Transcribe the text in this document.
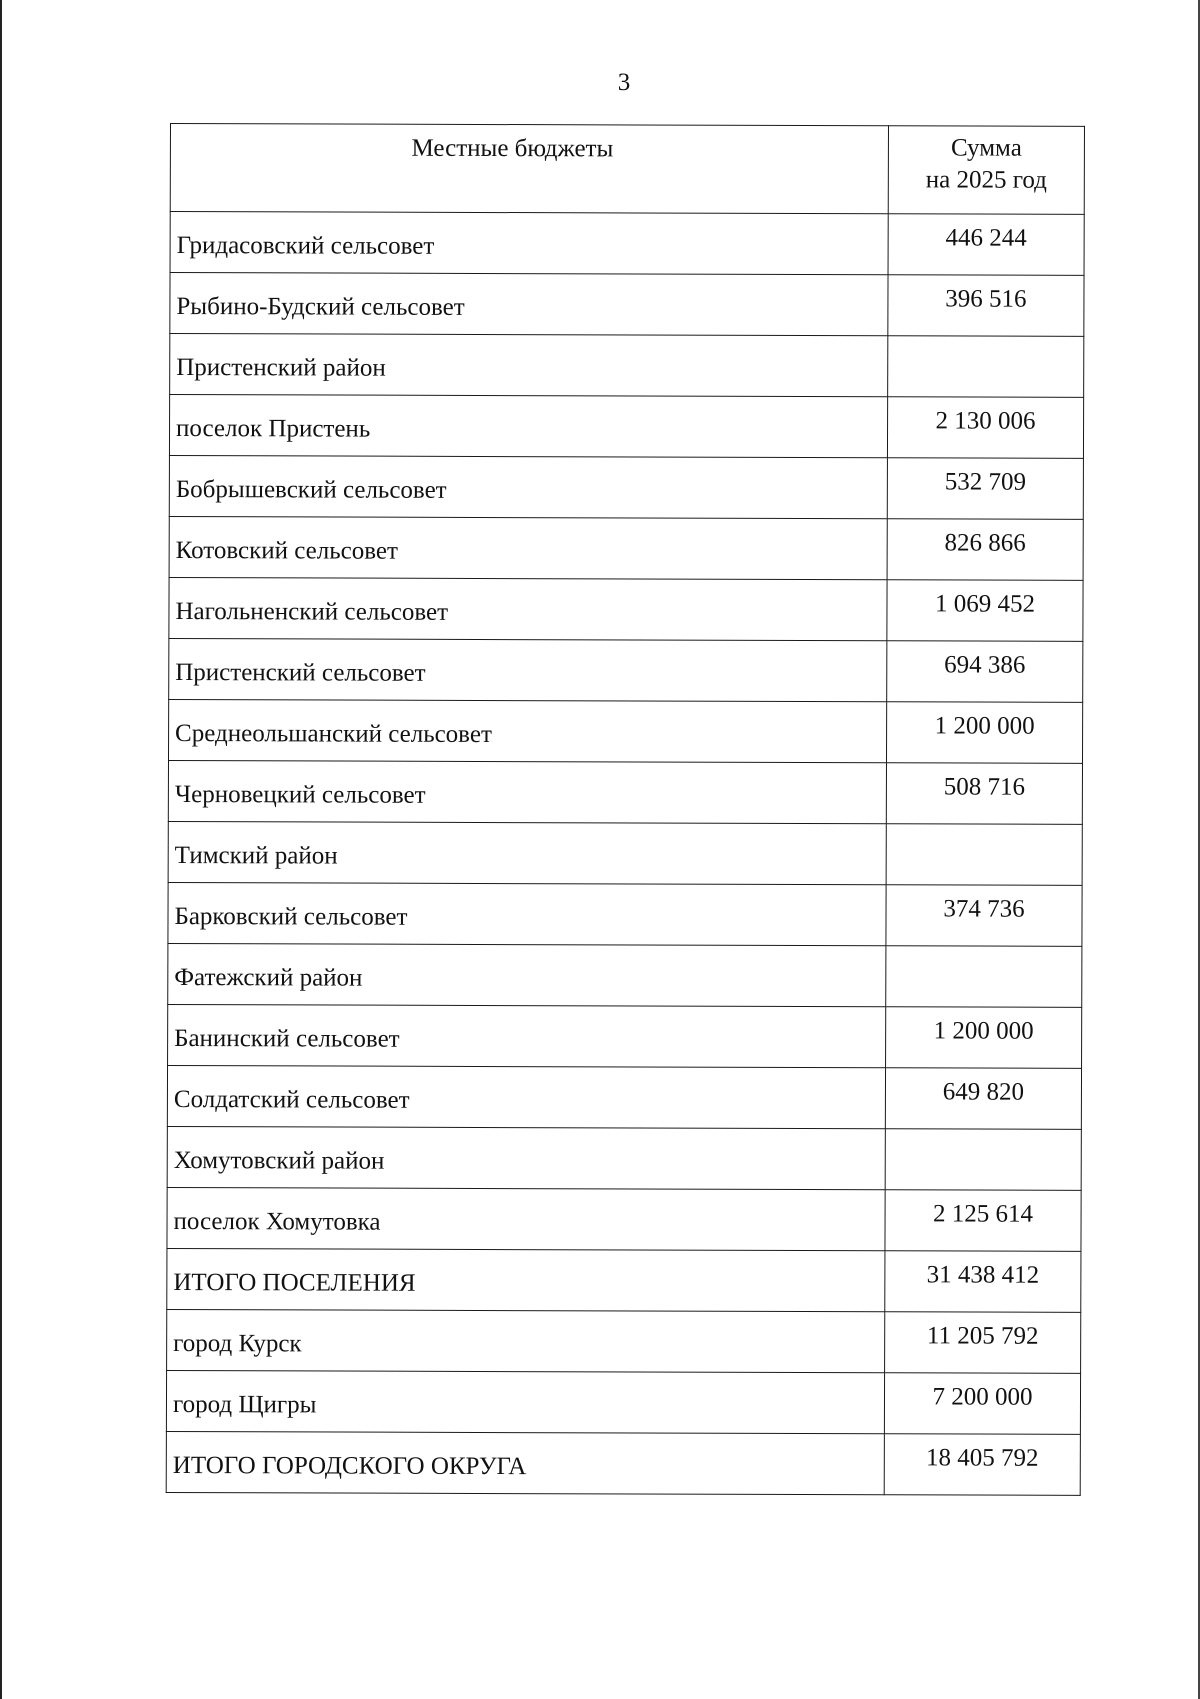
3
Местные бюджеты	Сумма
на 2025 год

Гридасовский сельсовет	446 244
Рыбино-Будский сельсовет	396 516
Пристенский район	
поселок Пристень	2 130 006
Бобрышевский сельсовет	532 709
Котовский сельсовет	826 866
Нагольненский сельсовет	1 069 452
Пристенский сельсовет	694 386
Среднеольшанский сельсовет	1 200 000
Черновецкий сельсовет	508 716
Тимский район	
Барковский сельсовет	374 736
Фатежский район	
Банинский сельсовет	1 200 000
Солдатский сельсовет	649 820
Хомутовский район	
поселок Хомутовка	2 125 614
ИТОГО ПОСЕЛЕНИЯ	31 438 412
город Курск	11 205 792
город Щигры	7 200 000
ИТОГО ГОРОДСКОГО ОКРУГА	18 405 792
